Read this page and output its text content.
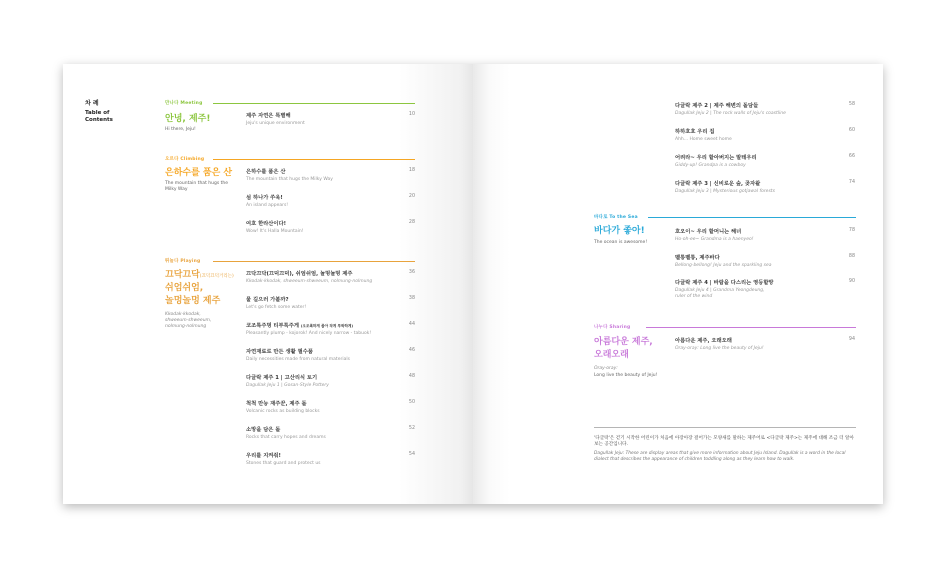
차 례
Table of Contents
만나다 Meeting
안녕, 제주!
Hi there, Jeju!
제주 자연은 특별해
Jeju's unique environment
10
오르다 Climbing
은하수를 품은 산
The mountain that hugs the Milky Way
은하수를 품은 산
The mountain that hugs the Milky Way
18
섬 하나가 쑤욱!
An island appears!
20
여호 한라산이다!
Wow! It's Halla Mountain!
28
뛰놀다 Playing
끄닥끄닥(끄덕끄덕거리는)
쉬엄쉬엄,
놀멍놀멍 제주
Kkodak-kkodak, shweeum-shweeum, nolmung-nolmung
끄닥끄닥(끄덕끄덕), 쉬엄쉬엄, 놀멍놀멍 제주
Kkodak-kkodak, shweeum-shweeum, nolmung-nolmung
36
물 길으러 가볼까?
Let's go fetch some water!
38
코조록주멍 티부룩주게 (오조록하게 좁아 작게 투박하게)
Pleasantly plump - kojorok! And nicely narrow - tabuok!
44
자연재료로 만든 생활 필수품
Daily necessities made from natural materials
46
다글락 제주 1 | 고산리식 토기
Dagullak Jeju 1 | Gosan-Style Pottery
48
척척 만능 재주꾼, 제주 돌
Volcanic rocks as building blocks
50
소망을 담은 돌
Rocks that carry hopes and dreams
52
우리를 지켜줘!
Stones that guard and protect us
54
다글락 제주 2 | 제주 해변의 돌담들
Dagullak Jeju 2 | The rock walls of Jeju's coastline
58
하하호호 우리 집
Ahh... Home sweet home
60
어려라~ 우리 할아버지는 말테우리
Giddy-up! Grandpa is a cowboy
66
다글락 제주 3 | 신비로운 숲, 곶자왈
Dagullak Jeju 3 | Mysterious gotjawal forests
74
바다로 To the Sea
바다가 좋아!
The ocean is awesome!
호오이~ 우리 할머니는 해녀
Ho-oh-ee~ Grandma is a haenyeo!
78
벨롱벨롱, 제주바다
Bellong-bellong! Jeju and the sparkling sea
88
다글락 제주 4 | 바람을 다스리는 영등할망
Dagullak Jeju 4 | Grandma Yeongdeung, ruler of the wind
90
나누다 Sharing
아름다운 제주,
오래오래
Oray-oray:
Long live the beauty of Jeju!
아름다운 제주, 오래오래
Oray-oray: Long live the beauty of Jeju!
94
'다글락'은 걷기 시작한 어린이가 처음에 아장아장 걸어가는 모양새를 말하는 제주어로 <다글락 제주>는 제주에 대해 조금 더 알아보는 공간입니다.
Dagullak Jeju: These are display areas that give more information about Jeju Island. Dagullak is a word in the local dialect that describes the appearance of children toddling along as they learn how to walk.
